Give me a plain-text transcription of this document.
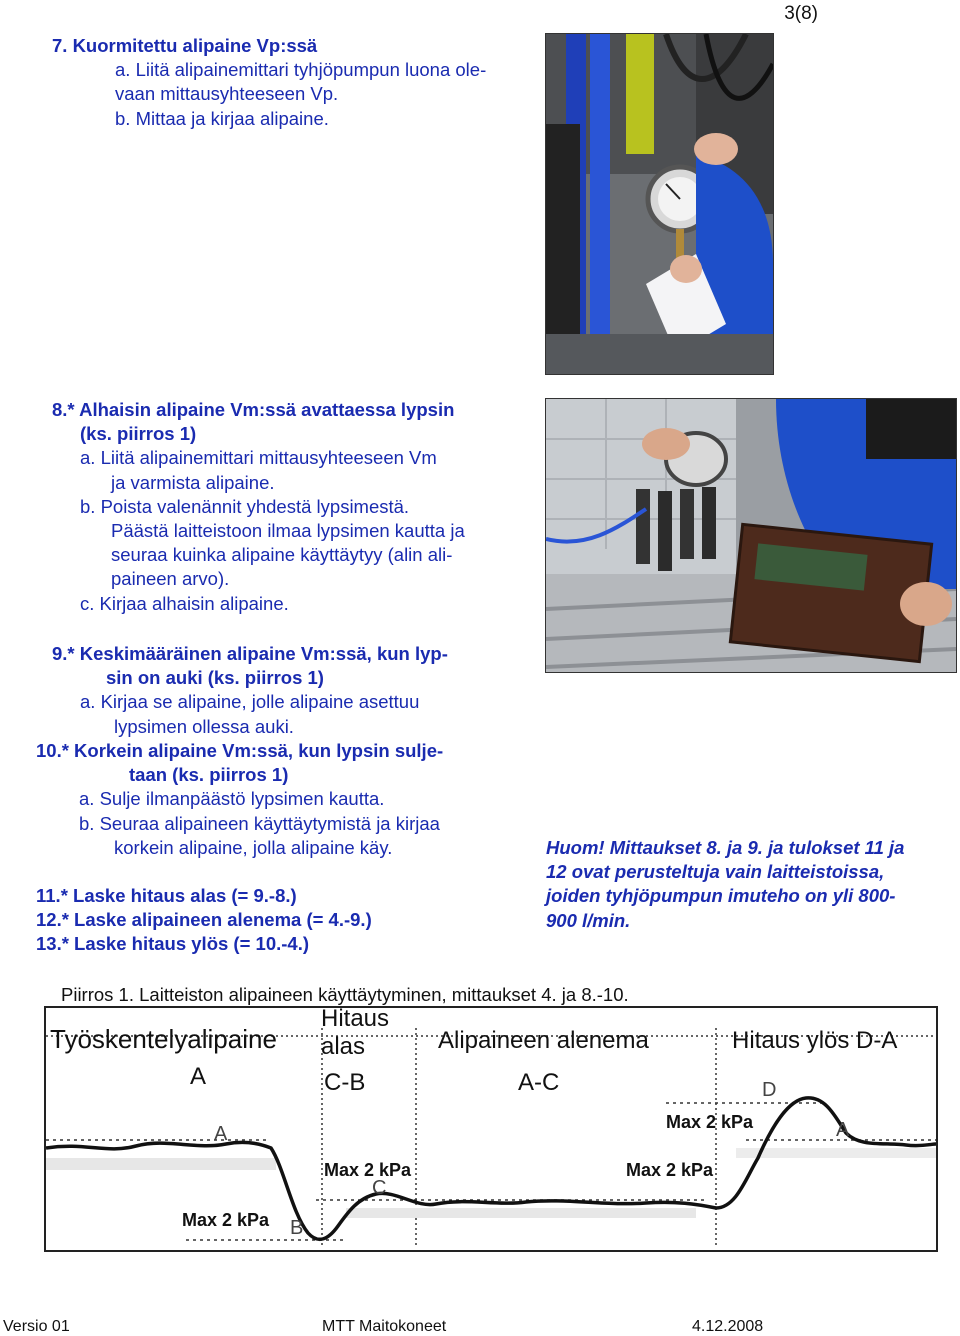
3(8)
7. Kuormitettu alipaine Vp:ssä
a. Liitä alipainemittari tyhjöpumpun luona ole-
vaan mittausyhteeseen Vp.
b. Mittaa ja kirjaa alipaine.
8.* Alhaisin alipaine Vm:ssä avattaessa lypsin
(ks. piirros 1)
a. Liitä alipainemittari mittausyhteeseen Vm
ja varmista alipaine.
b. Poista valenännit yhdestä lypsimestä.
Päästä laitteistoon ilmaa lypsimen kautta ja
seuraa kuinka alipaine käyttäytyy (alin ali-
paineen arvo).
c. Kirjaa alhaisin alipaine.
9.* Keskimääräinen alipaine Vm:ssä, kun lyp-
sin on auki (ks. piirros 1)
a. Kirjaa se alipaine, jolle alipaine asettuu
lypsimen ollessa auki.
10.* Korkein alipaine Vm:ssä, kun lypsin sulje-
taan (ks. piirros 1)
a. Sulje ilmanpäästö lypsimen kautta.
b. Seuraa alipaineen käyttäytymistä ja kirjaa
korkein alipaine, jolla alipaine käy.
11.* Laske hitaus alas (= 9.-8.)
12.* Laske alipaineen alenema (= 4.-9.)
13.* Laske hitaus ylös (= 10.-4.)
Huom! Mittaukset 8. ja 9. ja tulokset 11 ja
12 ovat perusteltuja vain laitteistoissa,
joiden tyhjöpumpun imuteho on yli 800-
900 l/min.
Piirros 1. Laitteiston alipaineen käyttäytyminen, mittaukset 4. ja 8.-10.
Työskentelyalipaine
Hitaus
alas	Alipaineen alenema	Hitaus ylös D-A
A	C-B	A-C
A
D
A
C
B
Max 2 kPa
Max 2 kPa	Max 2 kPa
Max 2 kPa
Versio 01	MTT Maitokoneet	4.12.2008
